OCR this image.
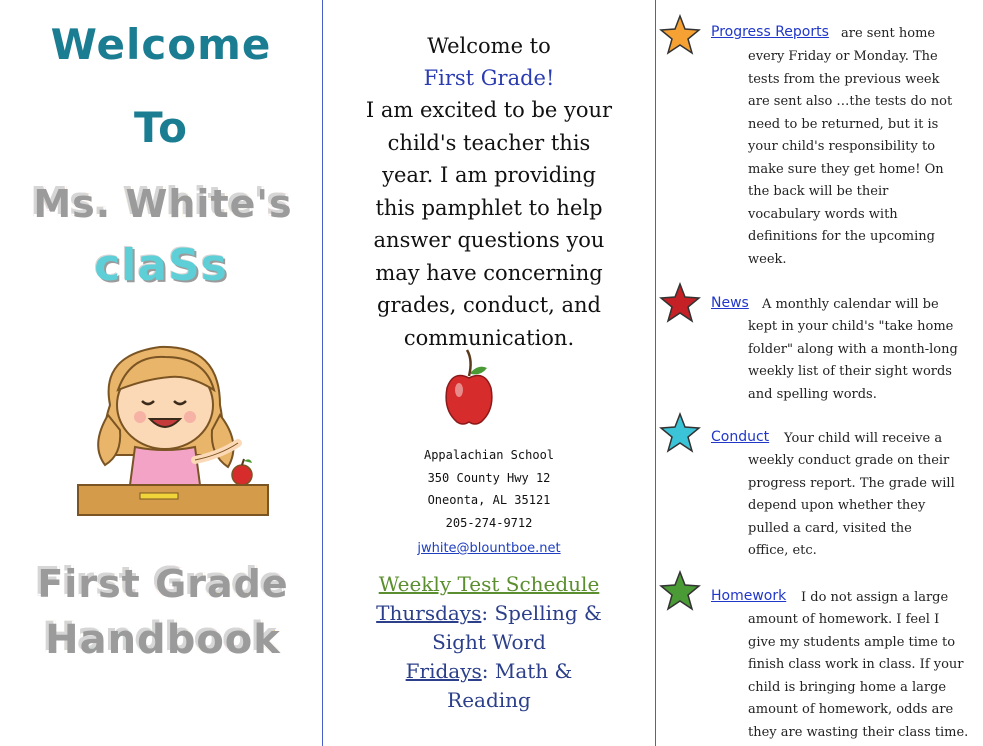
Welcome
To
Ms. White's
claSs
First Grade
Handbook
Welcome to
First Grade!
I am excited to be your
child's teacher this
year. I am providing
this pamphlet to help
answer questions you
may have concerning
grades, conduct, and
communication.
Appalachian School
350 County Hwy 12
Oneonta, AL 35121
205-274-9712
jwhite@blountboe.net
Weekly Test Schedule
Thursdays: Spelling &
Sight Word
Fridays: Math &
Reading
Progress Reports are sent home
every Friday or Monday. The
tests from the previous week
are sent also …the tests do not
need to be returned, but it is
your child's responsibility to
make sure they get home! On
the back will be their
vocabulary words with
definitions for the upcoming
week.
News A monthly calendar will be
kept in your child's "take home
folder" along with a month-long
weekly list of their sight words
and spelling words.
Conduct Your child will receive a
weekly conduct grade on their
progress report. The grade will
depend upon whether they
pulled a card, visited the
office, etc.
Homework I do not assign a large
amount of homework. I feel I
give my students ample time to
finish class work in class. If your
child is bringing home a large
amount of homework, odds are
they are wasting their class time.
